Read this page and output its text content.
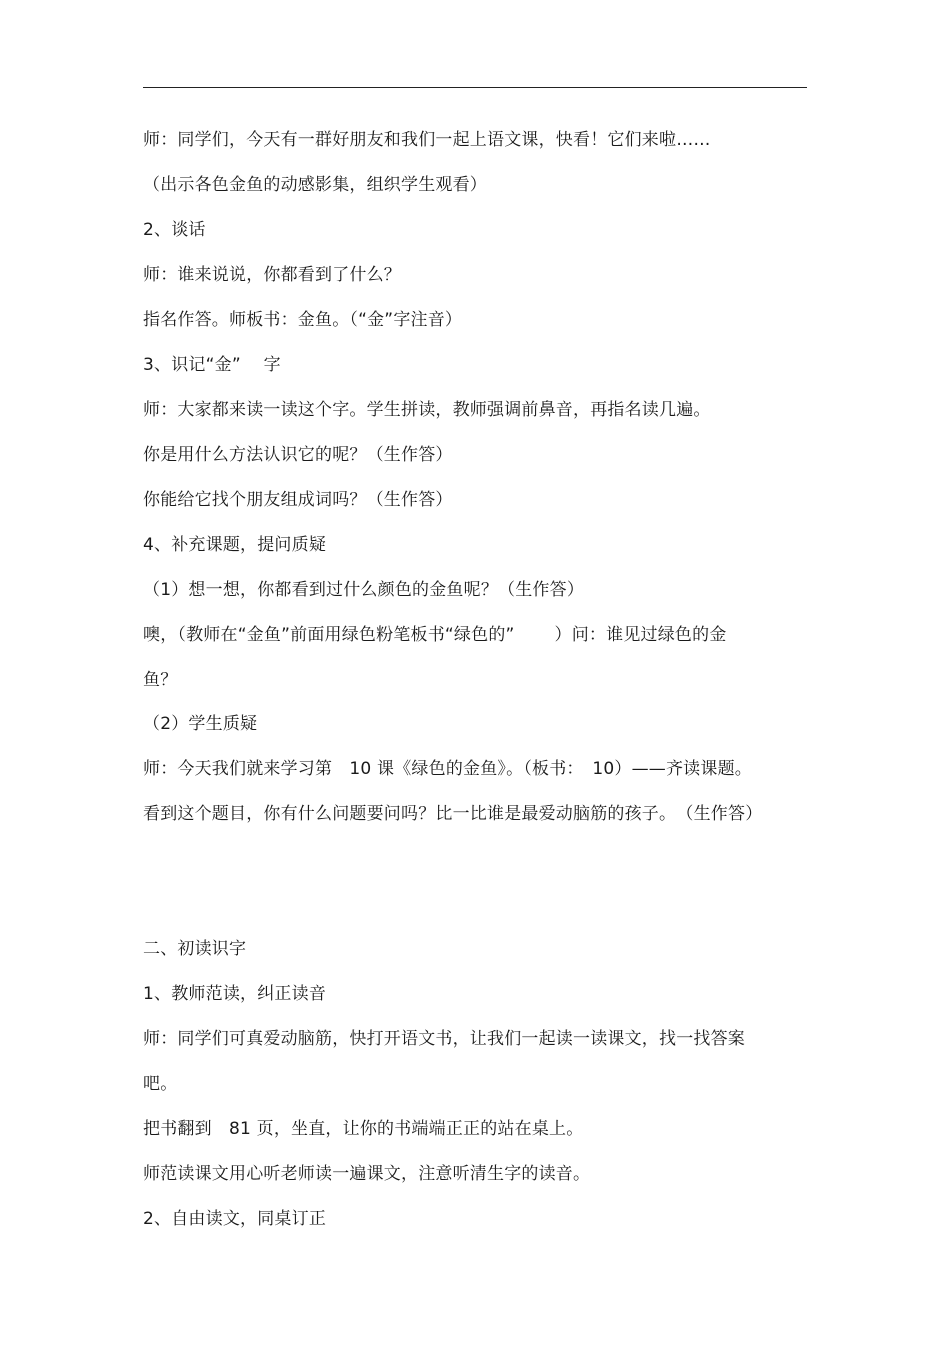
师：同学们，今天有一群好朋友和我们一起上语文课，快看！它们来啦……
（出示各色金鱼的动感影集，组织学生观看）
2、谈话
师：谁来说说，你都看到了什么？
指名作答。师板书：金鱼。（“金”字注音）
3、识记“金”　 字
师：大家都来读一读这个字。学生拼读，教师强调前鼻音，再指名读几遍。
你是用什么方法认识它的呢？（生作答）
你能给它找个朋友组成词吗？（生作答）
4、补充课题，提问质疑
（1）想一想，你都看到过什么颜色的金鱼呢？（生作答）
噢，（教师在“金鱼”前面用绿色粉笔板书“绿色的”　　 ）问：谁见过绿色的金
鱼？
（2）学生质疑
师：今天我们就来学习第　10 课《绿色的金鱼》。（板书：　10）——齐读课题。
看到这个题目，你有什么问题要问吗？比一比谁是最爱动脑筋的孩子。　（生作答）
二、初读识字
1、教师范读，纠正读音
师：同学们可真爱动脑筋，快打开语文书，让我们一起读一读课文，找一找答案
吧。
把书翻到　81 页，坐直，让你的书端端正正的站在桌上。
师范读课文用心听老师读一遍课文，注意听清生字的读音。
2、自由读文，同桌订正
